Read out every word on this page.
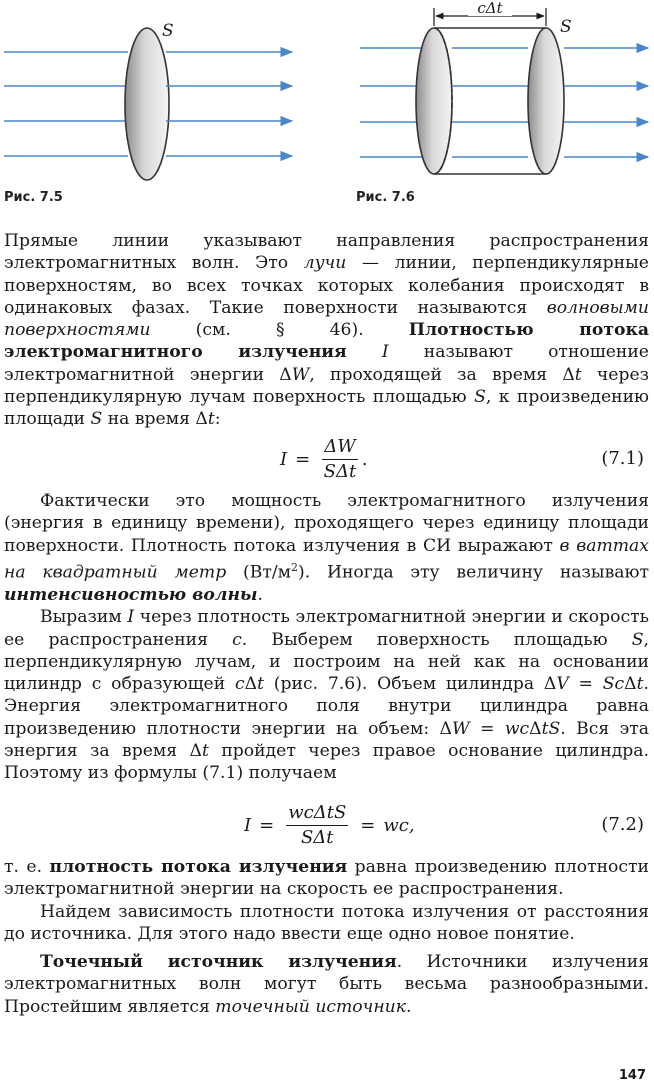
S
Рис. 7.5
cΔt
S
Рис. 7.6

Прямые линии указывают направления распространения электромагнитных волн. Это лучи — линии, перпендикулярные поверхностям, во всех точках которых колебания происходят в одинаковых фазах. Такие поверхности называются волновыми поверхностями (см. § 46). Плотностью потока электромагнитного излучения I называют отношение электромагнитной энергии ΔW, проходящей за время Δt через перпендикулярную лучам поверхность площадью S, к произведению площади S на время Δt:

$I = \frac{\Delta W}{\text{SΔt}}$ .	(7.1)

Фактически это мощность электромагнитного излучения (энергия в единицу времени), проходящего через единицу площади поверхности. Плотность потока излучения в СИ выражают в ваттах на квадратный метр $(Вт/м^2)$. Иногда эту величину называют интенсивностью волны.

Выразим I через плотность электромагнитной энергии и скорость ее распространения c. Выберем поверхность площадью S, перпендикулярную лучам, и построим на ней как на основании цилиндр с образующей cΔt (рис. 7.6). Объем цилиндра ΔV = ScΔt. Энергия электромагнитного поля внутри цилиндра равна произведению плотности энергии на объем: ΔW = wcΔtS. Вся эта энергия за время Δt пройдет через правое основание цилиндра. Поэтому из формулы (7.1) получаем

$I = \frac{\text{wcΔtS}}{\text{SΔt}}$ = wc,	(7.2)

т. е. плотность потока излучения равна произведению плотности электромагнитной энергии на скорость ее распространения.

Найдем зависимость плотности потока излучения от расстояния до источника. Для этого надо ввести еще одно новое понятие.

Точечный источник излучения. Источники излучения электромагнитных волн могут быть весьма разнообразными. Простейшим является точечный источник.

147
